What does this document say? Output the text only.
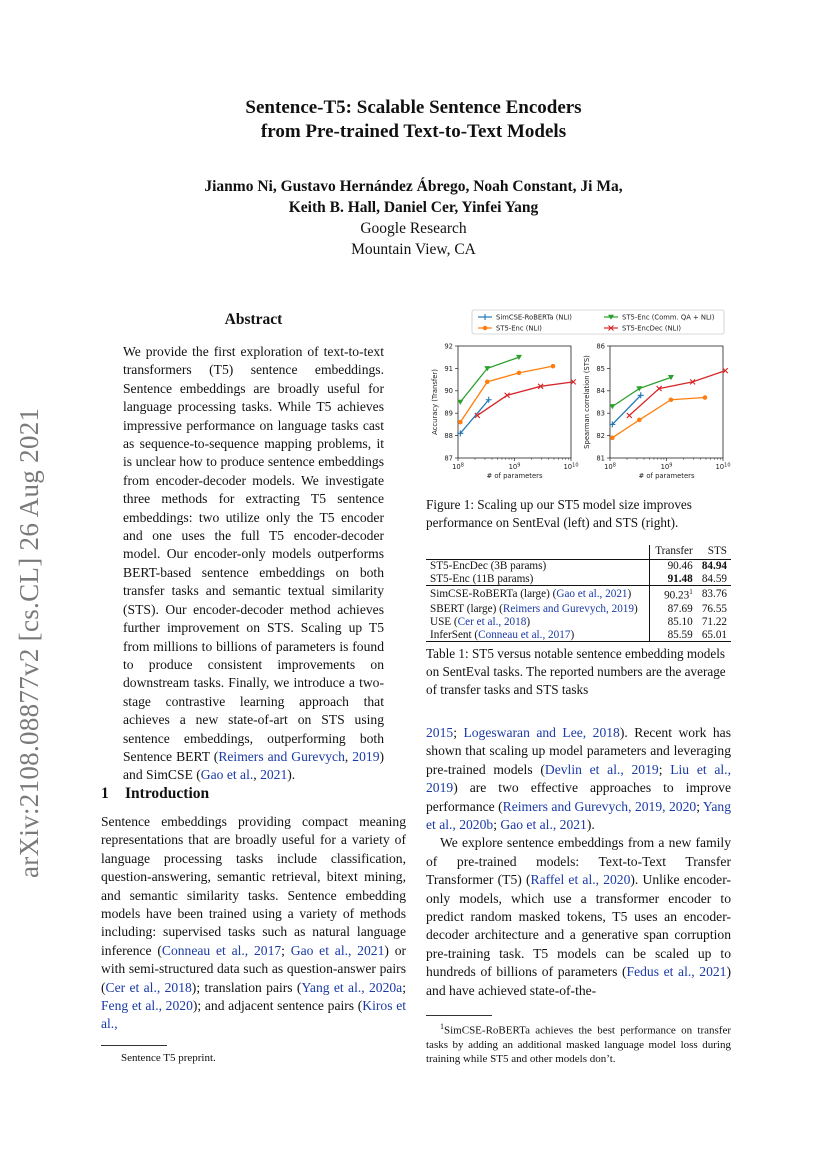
arXiv:2108.08877v2 [cs.CL] 26 Aug 2021
Sentence-T5: Scalable Sentence Encoders
from Pre-trained Text-to-Text Models
Jianmo Ni, Gustavo Hernández Ábrego, Noah Constant, Ji Ma,
Keith B. Hall, Daniel Cer, Yinfei Yang
Google Research
Mountain View, CA
Abstract
We provide the first exploration of text-to-text transformers (T5) sentence embeddings. Sentence embeddings are broadly useful for language processing tasks. While T5 achieves impressive performance on language tasks cast as sequence-to-sequence mapping problems, it is unclear how to produce sentence embeddings from encoder-decoder models. We investigate three methods for extracting T5 sentence embeddings: two utilize only the T5 encoder and one uses the full T5 encoder-decoder model. Our encoder-only models outperforms BERT-based sentence embeddings on both transfer tasks and semantic textual similarity (STS). Our encoder-decoder method achieves further improvement on STS. Scaling up T5 from millions to billions of parameters is found to produce consistent improvements on downstream tasks. Finally, we introduce a two-stage contrastive learning approach that achieves a new state-of-art on STS using sentence embeddings, outperforming both Sentence BERT (Reimers and Gurevych, 2019) and SimCSE (Gao et al., 2021).
1 Introduction
Sentence embeddings providing compact meaning representations that are broadly useful for a variety of language processing tasks include classification, question-answering, semantic retrieval, bitext mining, and semantic similarity tasks. Sentence embedding models have been trained using a variety of methods including: supervised tasks such as natural language inference (Conneau et al., 2017; Gao et al., 2021) or with semi-structured data such as question-answer pairs (Cer et al., 2018); translation pairs (Yang et al., 2020a; Feng et al., 2020); and adjacent sentence pairs (Kiros et al.,
Sentence T5 preprint.
SimCSE-RoBERTa (NLI)	ST5-Enc (Comm. QA + NLI)
ST5-Enc (NLI)	ST5-EncDec (NLI)
87
88
89
90
91
92
$10^8$	$10^9$	$10^{10}$
# of parameters
Accuracy (Transfer)
81
82
83
84
85
86
$10^8$	$10^9$	$10^{10}$
# of parameters
Spearman correlation (STS)
Figure 1: Scaling up our ST5 model size improves performance on SentEval (left) and STS (right).
	Transfer	STS
ST5-EncDec (3B params)	90.46	84.94
ST5-Enc (11B params)	91.48	84.59
SimCSE-RoBERTa (large) (Gao et al., 2021)	90.23$^1$	83.76
SBERT (large) (Reimers and Gurevych, 2019)	87.69	76.55
USE (Cer et al., 2018)	85.10	71.22
InferSent (Conneau et al., 2017)	85.59	65.01
Table 1: ST5 versus notable sentence embedding models on SentEval tasks. The reported numbers are the average of transfer tasks and STS tasks

2015; Logeswaran and Lee, 2018). Recent work has shown that scaling up model parameters and leveraging pre-trained models (Devlin et al., 2019; Liu et al., 2019) are two effective approaches to improve performance (Reimers and Gurevych, 2019, 2020; Yang et al., 2020b; Gao et al., 2021).

We explore sentence embeddings from a new family of pre-trained models: Text-to-Text Transfer Transformer (T5) (Raffel et al., 2020). Unlike encoder-only models, which use a transformer encoder to predict random masked tokens, T5 uses an encoder-decoder architecture and a generative span corruption pre-training task. T5 models can be scaled up to hundreds of billions of parameters (Fedus et al., 2021) and have achieved state-of-the-

$^1$SimCSE-RoBERTa achieves the best performance on transfer tasks by adding an additional masked language model loss during training while ST5 and other models don’t.
